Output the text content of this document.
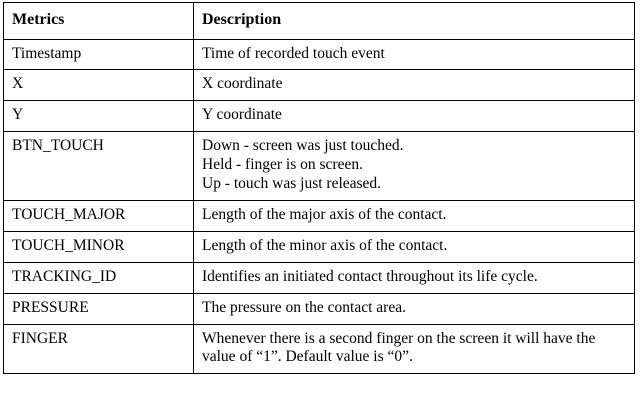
Metrics	Description
Timestamp	Time of recorded touch event

X	X coordinate

Y	Y coordinate

BTN_TOUCH	Down - screen was just touched.
Held - finger is on screen.
Up - touch was just released.

TOUCH_MAJOR	Length of the major axis of the contact.

TOUCH_MINOR	Length of the minor axis of the contact.

TRACKING_ID	Identifies an initiated contact throughout its life cycle.

PRESSURE	The pressure on the contact area.

FINGER	Whenever there is a second finger on the screen it will have the value of “1”. Default value is “0”.
